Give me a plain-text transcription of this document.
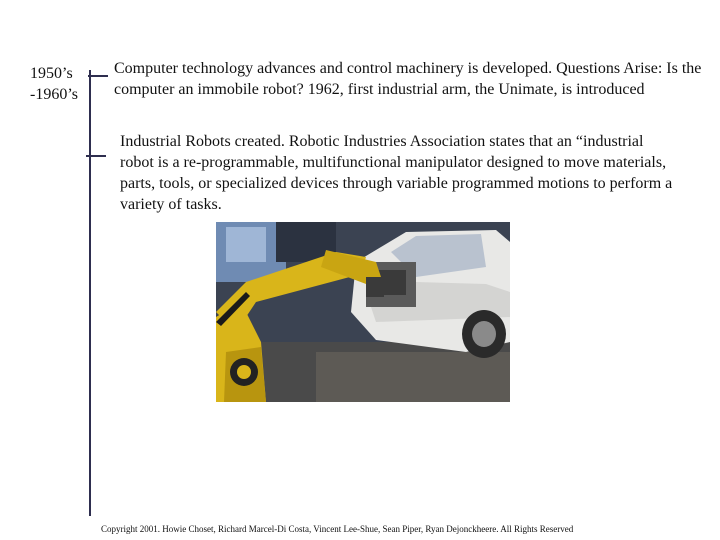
1950’s
-1960’s
Computer technology advances and control machinery is developed. Questions Arise: Is the computer an immobile robot? 1962, first industrial arm, the Unimate, is introduced
Industrial Robots created. Robotic Industries Association states that an “industrial robot is a re-programmable, multifunctional manipulator designed to move materials, parts, tools, or specialized devices through variable programmed motions to perform a variety of tasks.
Copyright 2001. Howie Choset, Richard Marcel-Di Costa, Vincent Lee-Shue, Sean Piper, Ryan Dejonckheere. All Rights Reserved
